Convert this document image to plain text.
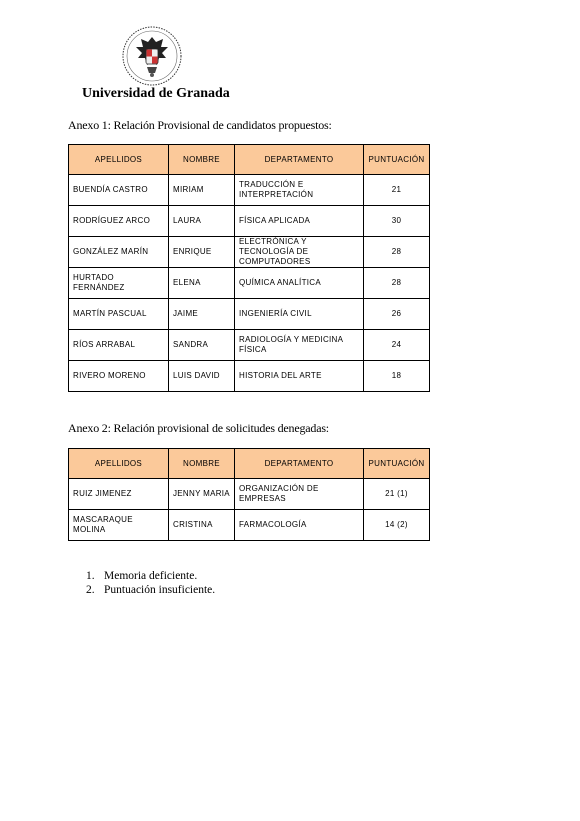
Universidad de Granada
Anexo 1: Relación Provisional de candidatos propuestos:
APELLIDOS	NOMBRE	DEPARTAMENTO	PUNTUACIÓN
BUENDÍA CASTRO	MIRIAM	TRADUCCIÓN E INTERPRETACIÓN	21
RODRÍGUEZ ARCO	LAURA	FÍSICA APLICADA	30
GONZÁLEZ MARÍN	ENRIQUE	ELECTRÓNICA Y TECNOLOGÍA DE COMPUTADORES	28
HURTADO FERNÁNDEZ	ELENA	QUÍMICA ANALÍTICA	28
MARTÍN PASCUAL	JAIME	INGENIERÍA CIVIL	26
RÍOS ARRABAL	SANDRA	RADIOLOGÍA Y MEDICINA FÍSICA	24
RIVERO MORENO	LUIS DAVID	HISTORIA DEL ARTE	18
Anexo 2: Relación provisional de solicitudes denegadas:
APELLIDOS	NOMBRE	DEPARTAMENTO	PUNTUACIÓN
RUIZ JIMENEZ	JENNY MARIA	ORGANIZACIÓN DE EMPRESAS	21 (1)
MASCARAQUE MOLINA	CRISTINA	FARMACOLOGÍA	14 (2)
1. Memoria deficiente.
2. Puntuación insuficiente.
